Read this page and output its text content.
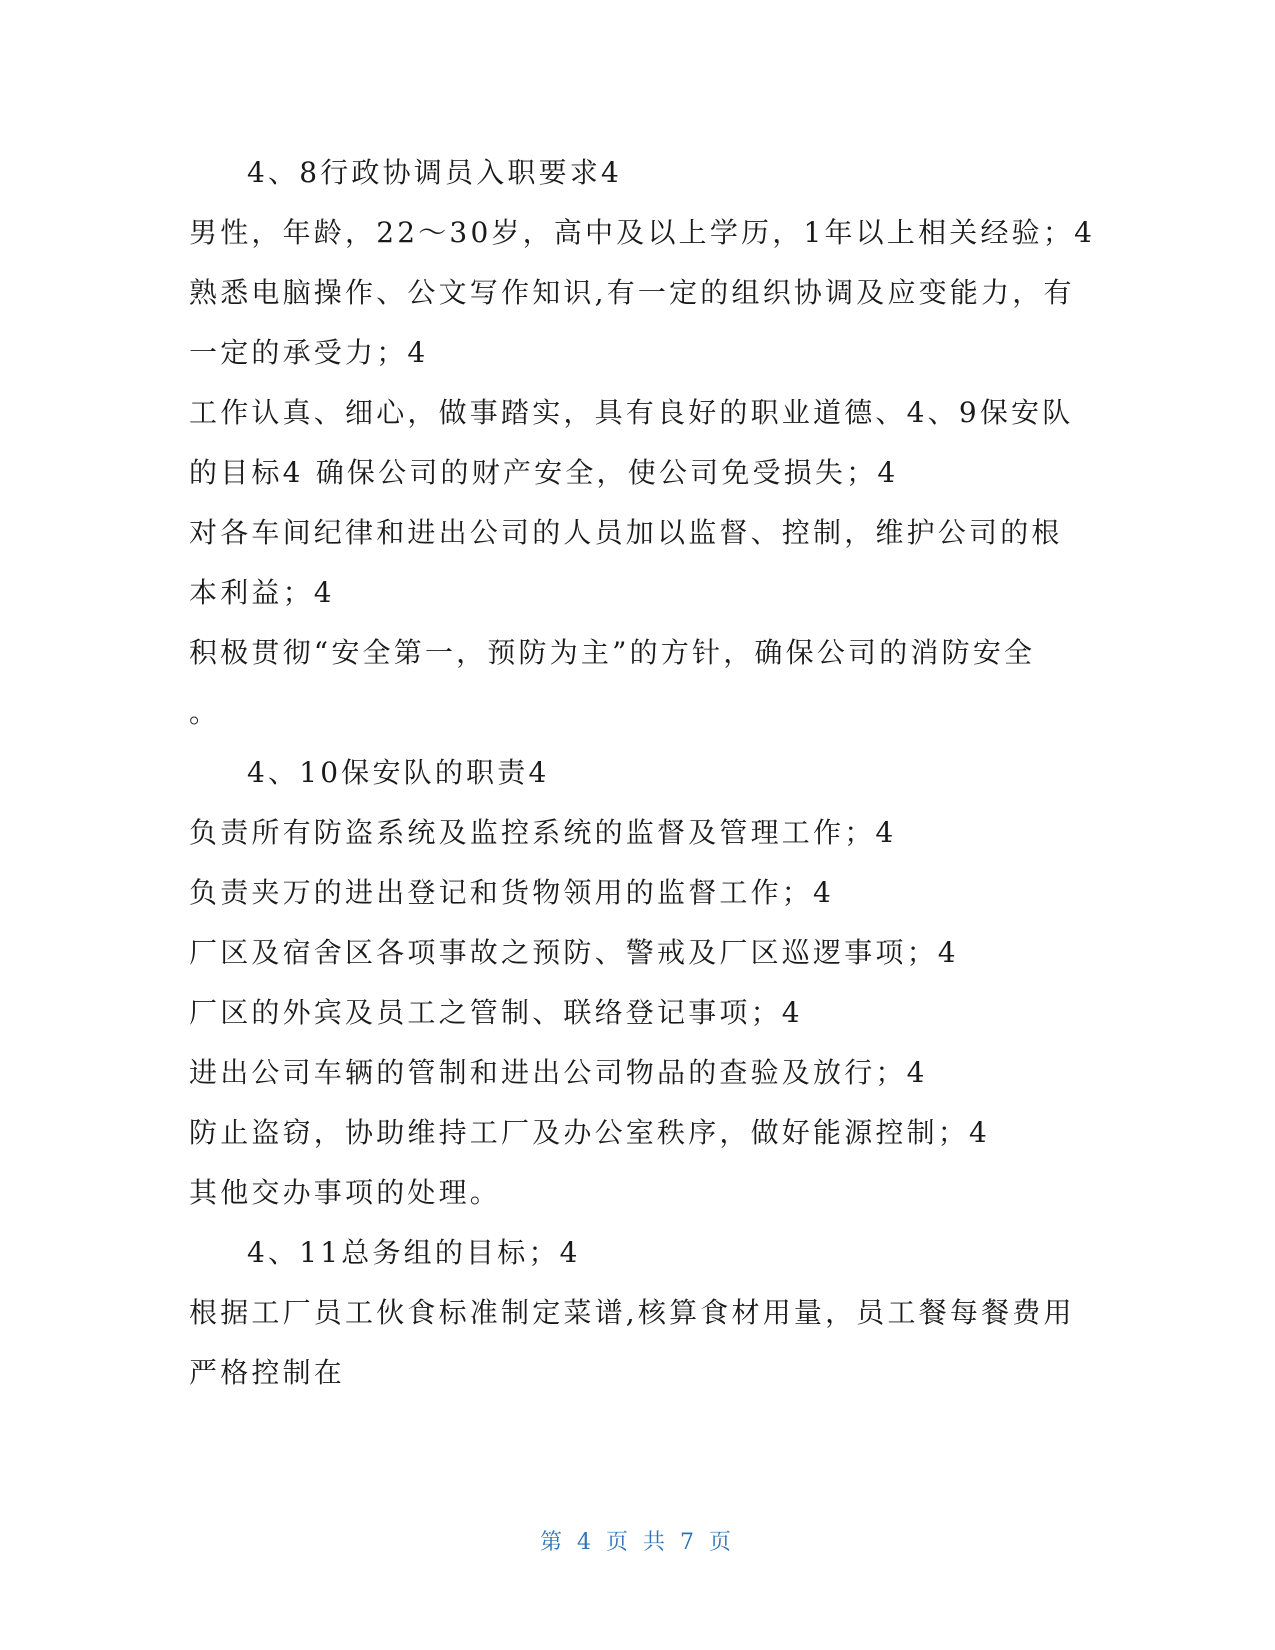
4、8行政协调员入职要求4
男性，年龄，22～30岁，高中及以上学历，1年以上相关经验；4
熟悉电脑操作、公文写作知识,有一定的组织协调及应变能力，有
一定的承受力；4
工作认真、细心，做事踏实，具有良好的职业道德、4、9保安队
的目标4 确保公司的财产安全，使公司免受损失；4
对各车间纪律和进出公司的人员加以监督、控制，维护公司的根
本利益；4
积极贯彻“安全第一，预防为主”的方针，确保公司的消防安全
。
4、10保安队的职责4
负责所有防盗系统及监控系统的监督及管理工作；4
负责夹万的进出登记和货物领用的监督工作；4
厂区及宿舍区各项事故之预防、警戒及厂区巡逻事项；4
厂区的外宾及员工之管制、联络登记事项；4
进出公司车辆的管制和进出公司物品的查验及放行；4
防止盗窃，协助维持工厂及办公室秩序，做好能源控制；4
其他交办事项的处理。
4、11总务组的目标；4
根据工厂员工伙食标准制定菜谱,核算食材用量，员工餐每餐费用
严格控制在
第 4 页 共 7 页
